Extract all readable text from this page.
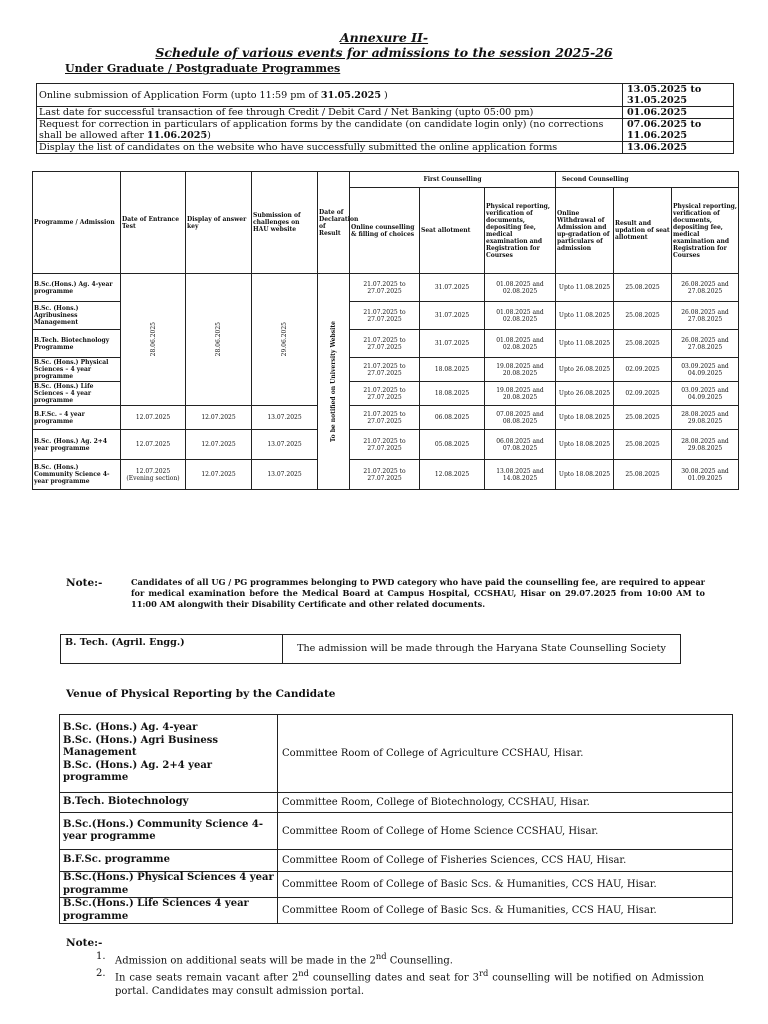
Annexure II-
Schedule of various events for admissions to the session 2025-26
Under Graduate / Postgraduate Programmes
Online submission of Application Form (upto 11:59 pm of 31.05.2025 )	13.05.2025 to 31.05.2025
Last date for successful transaction of fee through Credit / Debit Card / Net Banking (upto 05:00 pm)	01.06.2025
Request for correction in particulars of application forms by the candidate (on candidate login only) (no corrections shall be allowed after 11.06.2025)	07.06.2025 to 11.06.2025
Display the list of candidates on the website who have successfully submitted the online application forms	13.06.2025
Programme / Admission	Date of Entrance Test	Display of answer key	Submission of challenges on HAU website	Date of Declaration of Result	First Counselling			Second Counselling		
					Online counselling & filling of choices	Seat allotment	Physical reporting, verification of documents, depositing fee, medical examination and Registration for Courses	Online Withdrawal of Admission and up-gradation of particulars of admission	Result and updation of seat allotment	Physical reporting, verification of documents, depositing fee, medical examination and Registration for Courses
B.Sc.(Hons.) Ag. 4-year programme	28.06.2025	28.06.2025	29.06.2025	To be notified on University Website	21.07.2025 to 27.07.2025	31.07.2025	01.08.2025 and 02.08.2025	Upto 11.08.2025	25.08.2025	26.08.2025 and 27.08.2025
B.Sc. (Hons.) Agribusiness Management					21.07.2025 to 27.07.2025	31.07.2025	01.08.2025 and 02.08.2025	Upto 11.08.2025	25.08.2025	26.08.2025 and 27.08.2025
B.Tech. Biotechnology Programme					21.07.2025 to 27.07.2025	31.07.2025	01.08.2025 and 02.08.2025	Upto 11.08.2025	25.08.2025	26.08.2025 and 27.08.2025
B.Sc. (Hons.) Physical Sciences – 4 year programme					21.07.2025 to 27.07.2025	18.08.2025	19.08.2025 and 20.08.2025	Upto 26.08.2025	02.09.2025	03.09.2025 and 04.09.2025
B.Sc. (Hons.) Life Sciences – 4 year programme					21.07.2025 to 27.07.2025	18.08.2025	19.08.2025 and 20.08.2025	Upto 26.08.2025	02.09.2025	03.09.2025 and 04.09.2025
B.F.Sc. – 4 year programme	12.07.2025	12.07.2025	13.07.2025		21.07.2025 to 27.07.2025	06.08.2025	07.08.2025 and 08.08.2025	Upto 18.08.2025	25.08.2025	28.08.2025 and 29.08.2025
B.Sc. (Hons.) Ag. 2+4 year programme	12.07.2025	12.07.2025	13.07.2025		21.07.2025 to 27.07.2025	05.08.2025	06.08.2025 and 07.08.2025	Upto 18.08.2025	25.08.2025	28.08.2025 and 29.08.2025
B.Sc. (Hons.) Community Science 4- year programme	12.07.2025 (Evening section)	12.07.2025	13.07.2025		21.07.2025 to 27.07.2025	12.08.2025	13.08.2025 and 14.08.2025	Upto 18.08.2025	25.08.2025	30.08.2025 and 01.09.2025
Note:-	Candidates of all UG / PG programmes belonging to PWD category who have paid the counselling fee, are required to appear for medical examination before the Medical Board at Campus Hospital, CCSHAU, Hisar on 29.07.2025 from 10:00 AM to 11:00 AM alongwith their Disability Certificate and other related documents.
B. Tech. (Agril. Engg.)	The admission will be made through the Haryana State Counselling Society
Venue of Physical Reporting by the Candidate
B.Sc. (Hons.) Ag. 4-year
B.Sc. (Hons.) Agri Business Management
B.Sc. (Hons.) Ag. 2+4 year programme	Committee Room of College of Agriculture CCSHAU, Hisar.

B.Tech. Biotechnology	Committee Room, College of Biotechnology, CCSHAU, Hisar.

B.Sc.(Hons.) Community Science 4-year programme	Committee Room of College of Home Science CCSHAU, Hisar.

B.F.Sc. programme	Committee Room of College of Fisheries Sciences, CCS HAU, Hisar.

B.Sc.(Hons.) Physical Sciences 4 year programme	Committee Room of College of Basic Scs. & Humanities, CCS HAU, Hisar.

B.Sc.(Hons.) Life Sciences 4 year programme	Committee Room of College of Basic Scs. & Humanities, CCS HAU, Hisar.
Note:-
1. Admission on additional seats will be made in the 2nd Counselling.
2. In case seats remain vacant after 2nd counselling dates and seat for 3rd counselling will be notified on Admission portal. Candidates may consult admission portal.
